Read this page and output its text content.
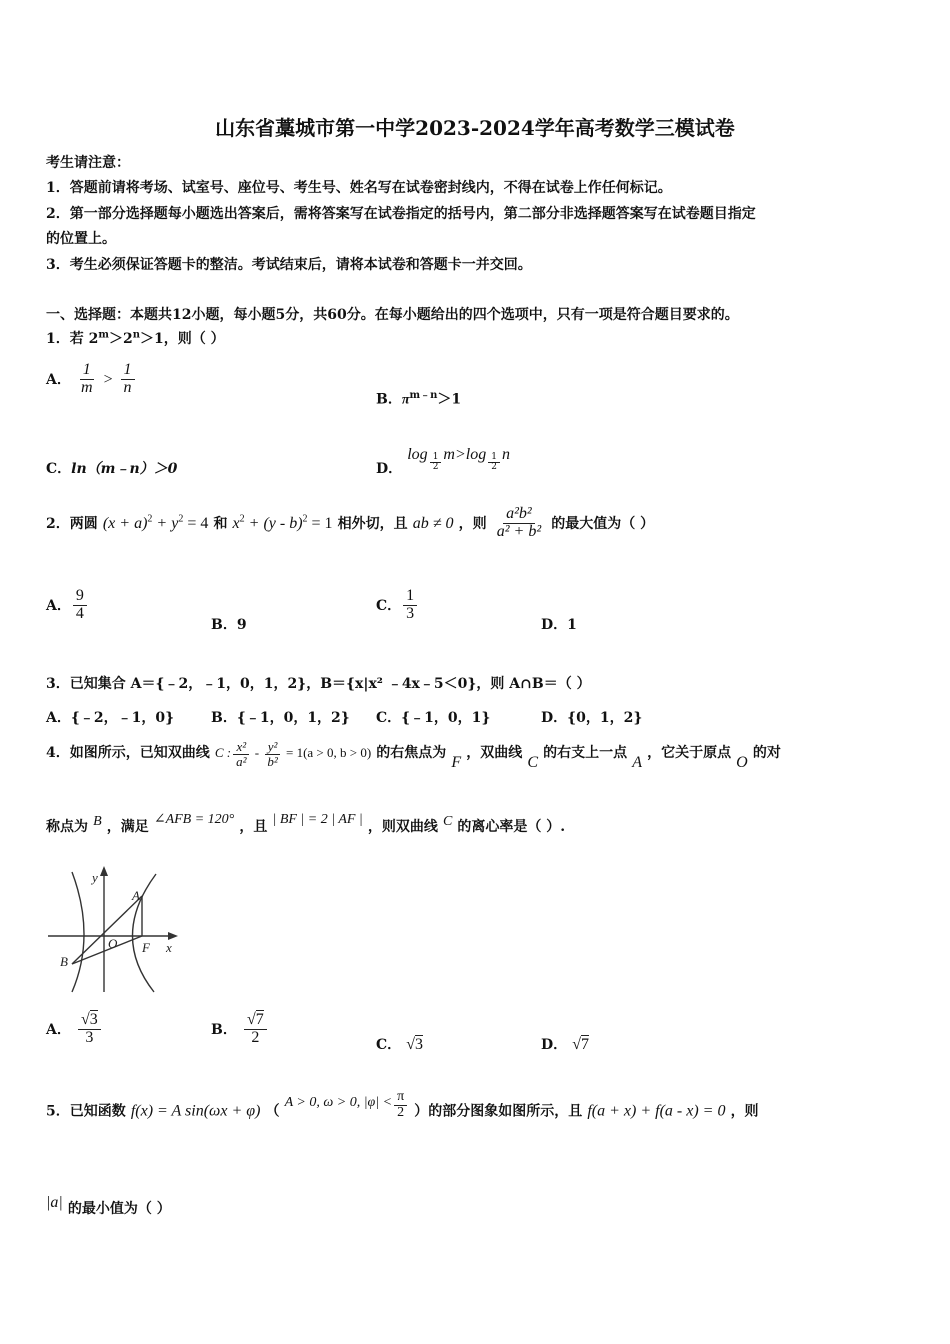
山东省藁城市第一中学2023-2024学年高考数学三模试卷
考生请注意：
1．答题前请将考场、试室号、座位号、考生号、姓名写在试卷密封线内，不得在试卷上作任何标记。
2．第一部分选择题每小题选出答案后，需将答案写在试卷指定的括号内，第二部分非选择题答案写在试卷题目指定
的位置上。
3．考生必须保证答题卡的整洁。考试结束后，请将本试卷和答题卡一并交回。
一、选择题：本题共12小题，每小题5分，共60分。在每小题给出的四个选项中，只有一项是符合题目要求的。
1．若 $2^m>2^n>1$，则（ ）
A． $\frac{1}{m} > \frac{1}{n}$
B．$\pi^{m﹣n}>1$
C．ln（m﹣n）＞0	D． $\log \frac{1}{2} m>\log \frac{1}{2}$ n
2．两圆 $(x + a)^2 + y^2 = 4$ 和 $x^2 + (y - b)^2 = 1$ 相外切，且 ab ≠ 0 ，则 $\frac{\text{a²b²}}{\text{a² + b²}}$ 的最大值为（ ）
A． $\frac{9}{4}$
B．9
C． $\frac{1}{3}$
D．1
3．已知集合 A＝{﹣2，﹣1，0，1，2}，B＝{x|x² ﹣4x﹣5＜0}，则 A∩B＝（ ）
A．{﹣2，﹣1，0}	B．{﹣1，0，1，2} C．{﹣1，0，1}	D．{0，1，2}
4．如图所示，已知双曲线 C : $\frac{\text{x²}}{\text{a²}} - \frac{\text{y²}}{\text{b²}} = 1(a > 0$, b > 0) 的右焦点为 F ，双曲线 C 的右支上一点 A ，它关于原点 O 的对
称点为 B ，满足 ∠AFB = 120° ，且 | BF | = 2 | AF | ，则双曲线 C 的离心率是（ ）.
y
x
A
B
O F
A． $\frac{√3}{3}$	B． $\frac{√7}{2}$	C． √3	D． √7
5．已知函数 f(x) = A sin(ωx + φ) （ A > 0, ω > 0, $|\varphi| < \frac{\pi}{2}$ ）的部分图象如图所示，且 f(a + x) + f(a - x) = 0 ，则
|a| 的最小值为（ ）
